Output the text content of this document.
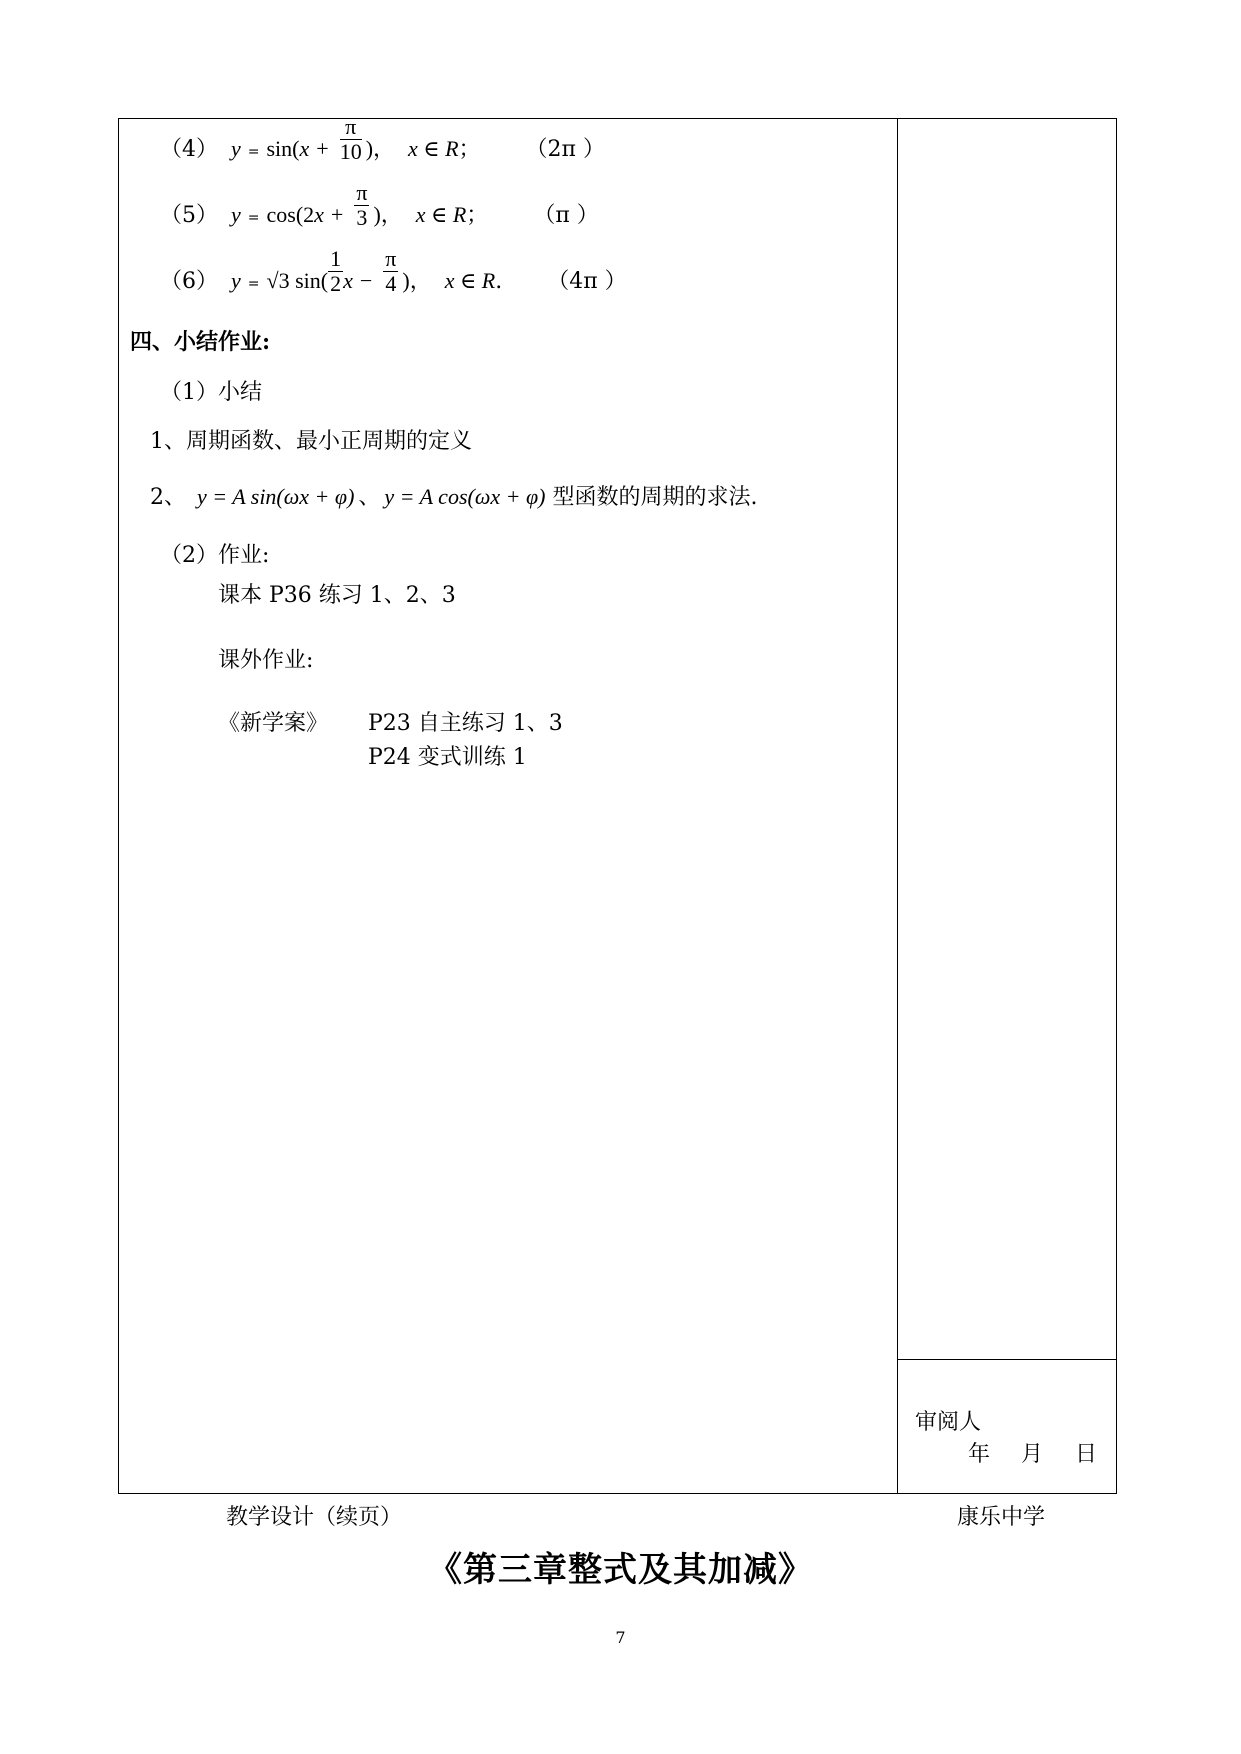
（4） $y = \sin(x + \frac{\pi}{10}$ )， x ∈ R； （2π ）
（5） $y = \cos(2x + \frac{\pi}{3}$ )， x ∈ R； （π ）
（6） y = √3 $\sin( \frac{1}{2}$ $x - \frac{\pi}{4}$ )， x ∈ R. （4π ）
四、小结作业:
（1）小结
1、周期函数、最小正周期的定义
2、 y = A sin(ωx + φ) 、 y = A cos(ωx + φ) 型函数的周期的求法.
（2）作业:
课本 P36 练习 1、2、3
课外作业:
《新学案》 P23 自主练习 1、3
P24 变式训练 1
审阅人
年 月 日
教学设计（续页）	康乐中学
《第三章整式及其加减》
7
